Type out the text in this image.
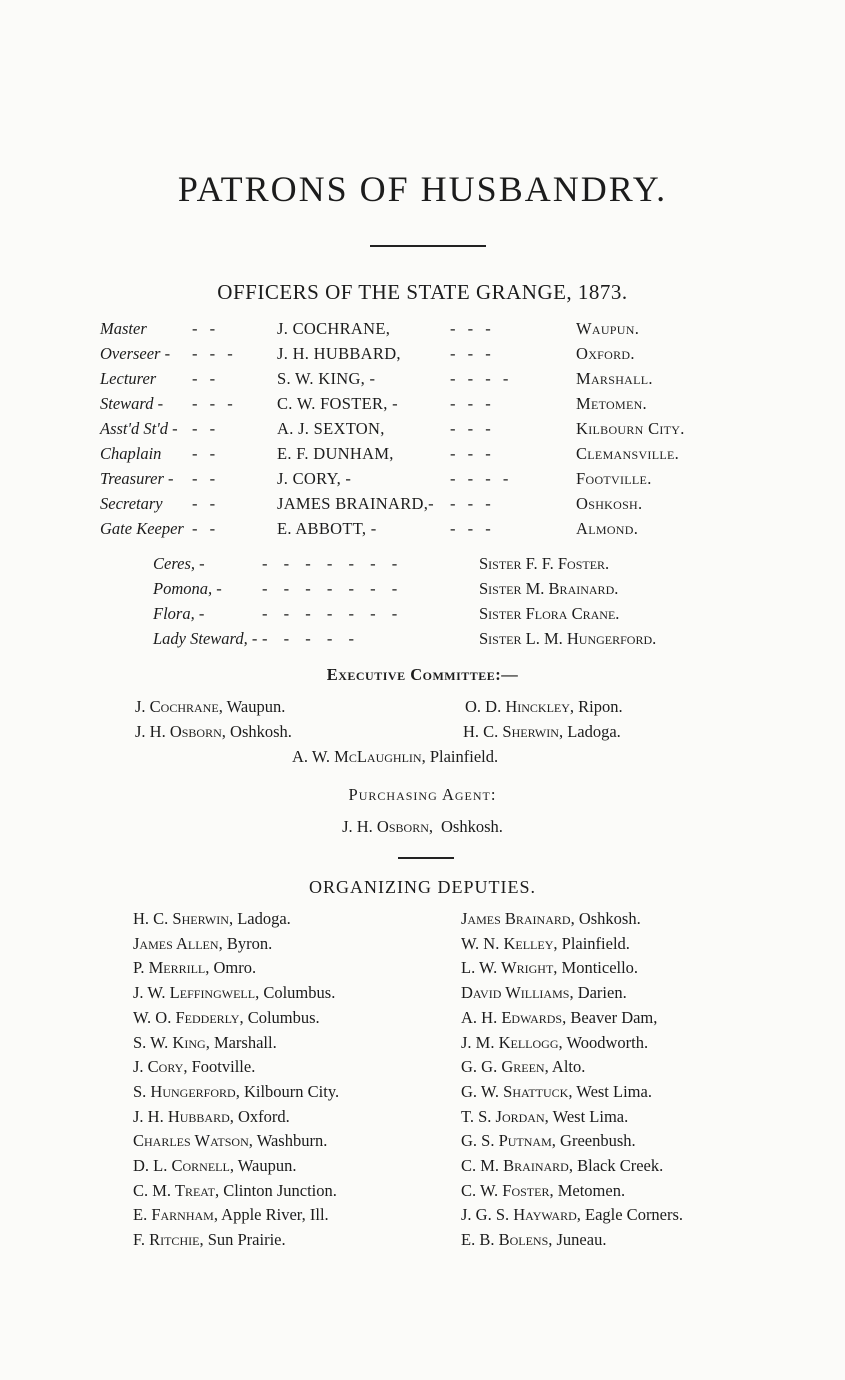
PATRONS OF HUSBANDRY.
OFFICERS OF THE STATE GRANGE, 1873.
Master	- -	J. COCHRANE,	- - -	Waupun.
Overseer - - - - J. H. HUBBARD,	- - -	Oxford.
Lecturer - -	S. W. KING, -	- - - -	Marshall.
Steward - - - - C. W. FOSTER, -	- - -	Metomen.
Asst'd St'd - - -	A. J. SEXTON,	- - -	Kilbourn City.
Chaplain - -	E. F. DUNHAM,	- - -	Clemansville.
Treasurer - - -	J. CORY, -	- - - -	Footville.
Secretary - -	JAMES BRAINARD,- - - -	Oshkosh.
Gate Keeper - -	E. ABBOTT, -	- - -	Almond.
Ceres, -	- - - - - - -	Sister F. F. Foster.
Pomona, - - - - - - - -	Sister M. Brainard.
Flora, -	- - - - - - -	Sister Flora Crane.
Lady Steward, - - - - - -	Sister L. M. Hungerford.
Executive Committee:—
J. Cochrane, Waupun.	O. D. Hinckley, Ripon.
J. H. Osborn, Oshkosh.	H. C. Sherwin, Ladoga.
A. W. McLaughlin, Plainfield.
Purchasing Agent:
J. H. Osborn, Oshkosh.
ORGANIZING DEPUTIES.
H. C. Sherwin, Ladoga.
James Allen, Byron.
P. Merrill, Omro.
J. W. Leffingwell, Columbus.
W. O. Fedderly, Columbus.
S. W. King, Marshall.
J. Cory, Footville.
S. Hungerford, Kilbourn City.
J. H. Hubbard, Oxford.
Charles Watson, Washburn.
D. L. Cornell, Waupun.
C. M. Treat, Clinton Junction.
E. Farnham, Apple River, Ill.
F. Ritchie, Sun Prairie.
James Brainard, Oshkosh.
W. N. Kelley, Plainfield.
L. W. Wright, Monticello.
David Williams, Darien.
A. H. Edwards, Beaver Dam,
J. M. Kellogg, Woodworth.
G. G. Green, Alto.
G. W. Shattuck, West Lima.
T. S. Jordan, West Lima.
G. S. Putnam, Greenbush.
C. M. Brainard, Black Creek.
C. W. Foster, Metomen.
J. G. S. Hayward, Eagle Corners.
E. B. Bolens, Juneau.
